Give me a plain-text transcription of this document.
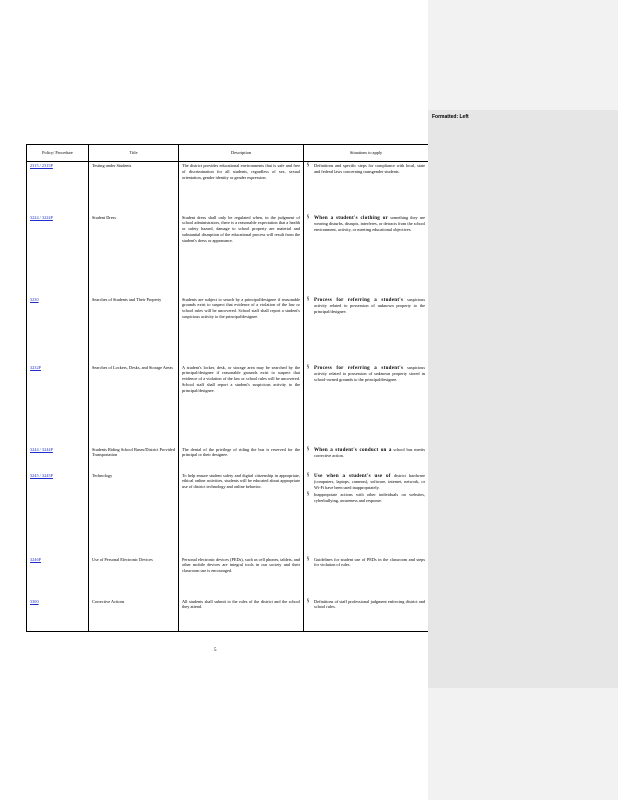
Policy/ Procedure	Title	Description	Situations to apply
2315 / 2315P	Testing under Students	The district provides educational environments that is safe and free of discrimination for all students, regardless of sex, sexual orientation, gender identity or gender expression.	§ Definitions and specific steps for compliance with local, state and federal laws concerning transgender students.

3224 / 3224P	Student Dress	Student dress shall only be regulated when, in the judgment of school administrators, there is a reasonable expectation that a health or safety hazard, damage to school property are material and substantial disruption of the educational process will result from the student's dress or appearance.	§ When a student's clothing or something they are wearing disturbs, disrupts, interferes, or detracts from the school environment, activity, or meeting educational objectives.

3230	Searches of Students and Their Property	Students are subject to search by a principal/designee if reasonable grounds exist to suspect that evidence of a violation of the law or school rules will be uncovered. School staff shall report a student's suspicious activity to the principal/designee.	§ Process for referring a student's suspicious activity related to possession of unknown property to the principal/designee.

3232P	Searches of Lockers, Desks, and Storage Areas	A student's locker, desk, or storage area may be searched by the principal/designee if reasonable grounds exist to suspect that evidence of a violation of the law or school rules will be uncovered. School staff shall report a student's suspicious activity to the principal/designee.	§ Process for referring a student's suspicious activity related to possession of unknown property stored in school-owned grounds to the principal/designee.

3244 / 3244P	Students Riding School Buses/District Provided Transportation	The denial of the privilege of riding the bus is reserved for the principal or their designee.	§ When a student's conduct on a school bus merits corrective action.

3245 / 3245P	Technology	To help ensure student safety and digital citizenship in appropriate, ethical online activities, students will be educated about appropriate use of district technology and online behavior.	§ Use when a student's use of district hardware (computers, laptops, cameras), software, internet, network, or Wi-Fi have been used inappropriately.
§ Inappropriate actions with other individuals on websites, cyberbullying, awareness and response.

3246P	Use of Personal Electronic Devices	Personal electronic devices (PEDs), such as cell phones, tablets, and other mobile devices are integral tools in our society and their classroom use is encouraged.	§ Guidelines for student use of PEDs in the classroom and steps for violation of rules.

3300	Corrective Actions	All students shall submit to the rules of the district and the school they attend.	§ Definitions of staff professional judgment enforcing district and school rules.
5
Formatted: Left
